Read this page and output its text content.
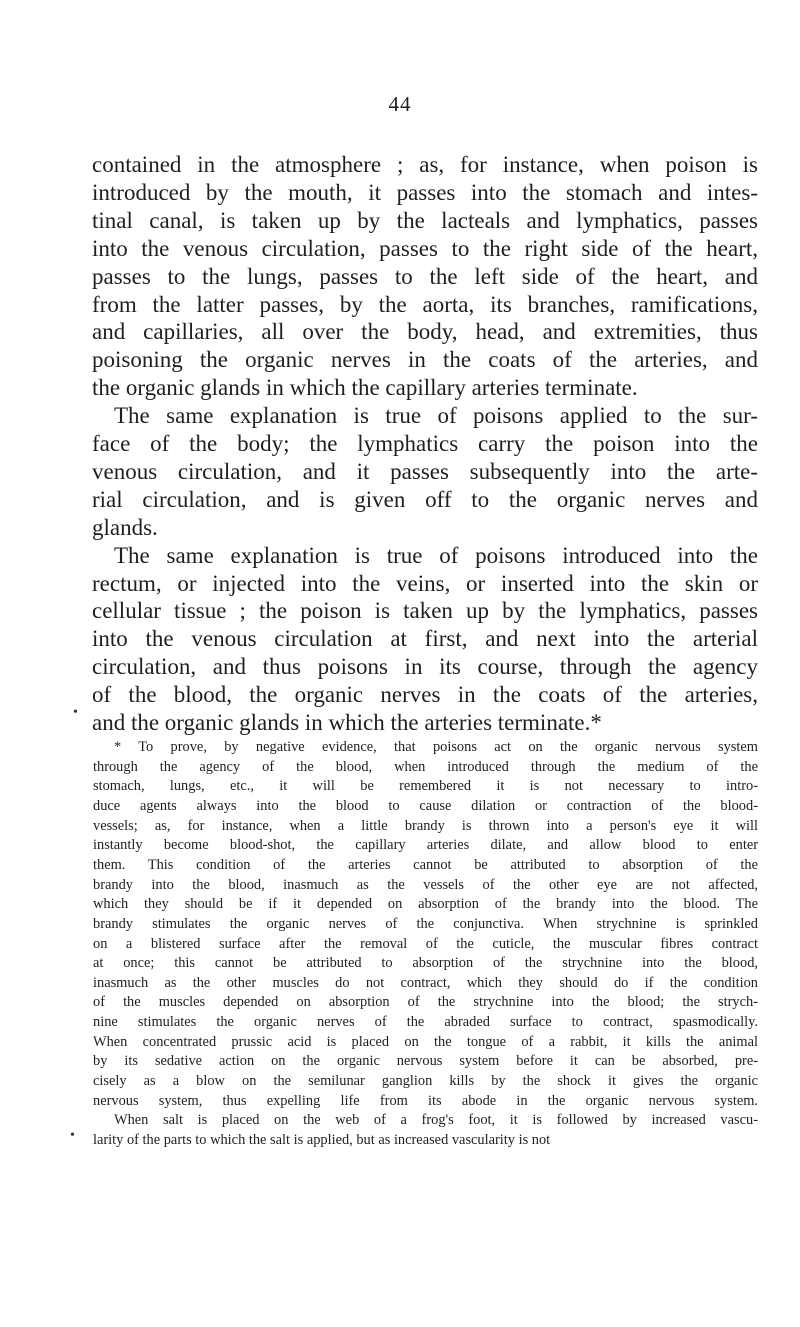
44
contained in the atmosphere ; as, for instance, when poison is
introduced by the mouth, it passes into the stomach and intes-
tinal canal, is taken up by the lacteals and lymphatics, passes
into the venous circulation, passes to the right side of the heart,
passes to the lungs, passes to the left side of the heart, and
from the latter passes, by the aorta, its branches, ramifications,
and capillaries, all over the body, head, and extremities, thus
poisoning the organic nerves in the coats of the arteries, and
the organic glands in which the capillary arteries terminate.
The same explanation is true of poisons applied to the sur-
face of the body; the lymphatics carry the poison into the
venous circulation, and it passes subsequently into the arte-
rial circulation, and is given off to the organic nerves and
glands.
The same explanation is true of poisons introduced into the
rectum, or injected into the veins, or inserted into the skin or
cellular tissue ; the poison is taken up by the lymphatics, passes
into the venous circulation at first, and next into the arterial
circulation, and thus poisons in its course, through the agency
of the blood, the organic nerves in the coats of the arteries,
and the organic glands in which the arteries terminate.*
•
* To prove, by negative evidence, that poisons act on the organic nervous system
through the agency of the blood, when introduced through the medium of the
stomach, lungs, etc., it will be remembered it is not necessary to intro-
duce agents always into the blood to cause dilation or contraction of the blood-
vessels; as, for instance, when a little brandy is thrown into a person's eye it will
instantly become blood-shot, the capillary arteries dilate, and allow blood to enter
them. This condition of the arteries cannot be attributed to absorption of the
brandy into the blood, inasmuch as the vessels of the other eye are not affected,
which they should be if it depended on absorption of the brandy into the blood. The
brandy stimulates the organic nerves of the conjunctiva. When strychnine is sprinkled
on a blistered surface after the removal of the cuticle, the muscular fibres contract
at once; this cannot be attributed to absorption of the strychnine into the blood,
inasmuch as the other muscles do not contract, which they should do if the condition
of the muscles depended on absorption of the strychnine into the blood; the strych-
nine stimulates the organic nerves of the abraded surface to contract, spasmodically.
When concentrated prussic acid is placed on the tongue of a rabbit, it kills the animal
by its sedative action on the organic nervous system before it can be absorbed, pre-
cisely as a blow on the semilunar ganglion kills by the shock it gives the organic
nervous system, thus expelling life from its abode in the organic nervous system.
When salt is placed on the web of a frog's foot, it is followed by increased vascu-
larity of the parts to which the salt is applied, but as increased vascularity is not
•
